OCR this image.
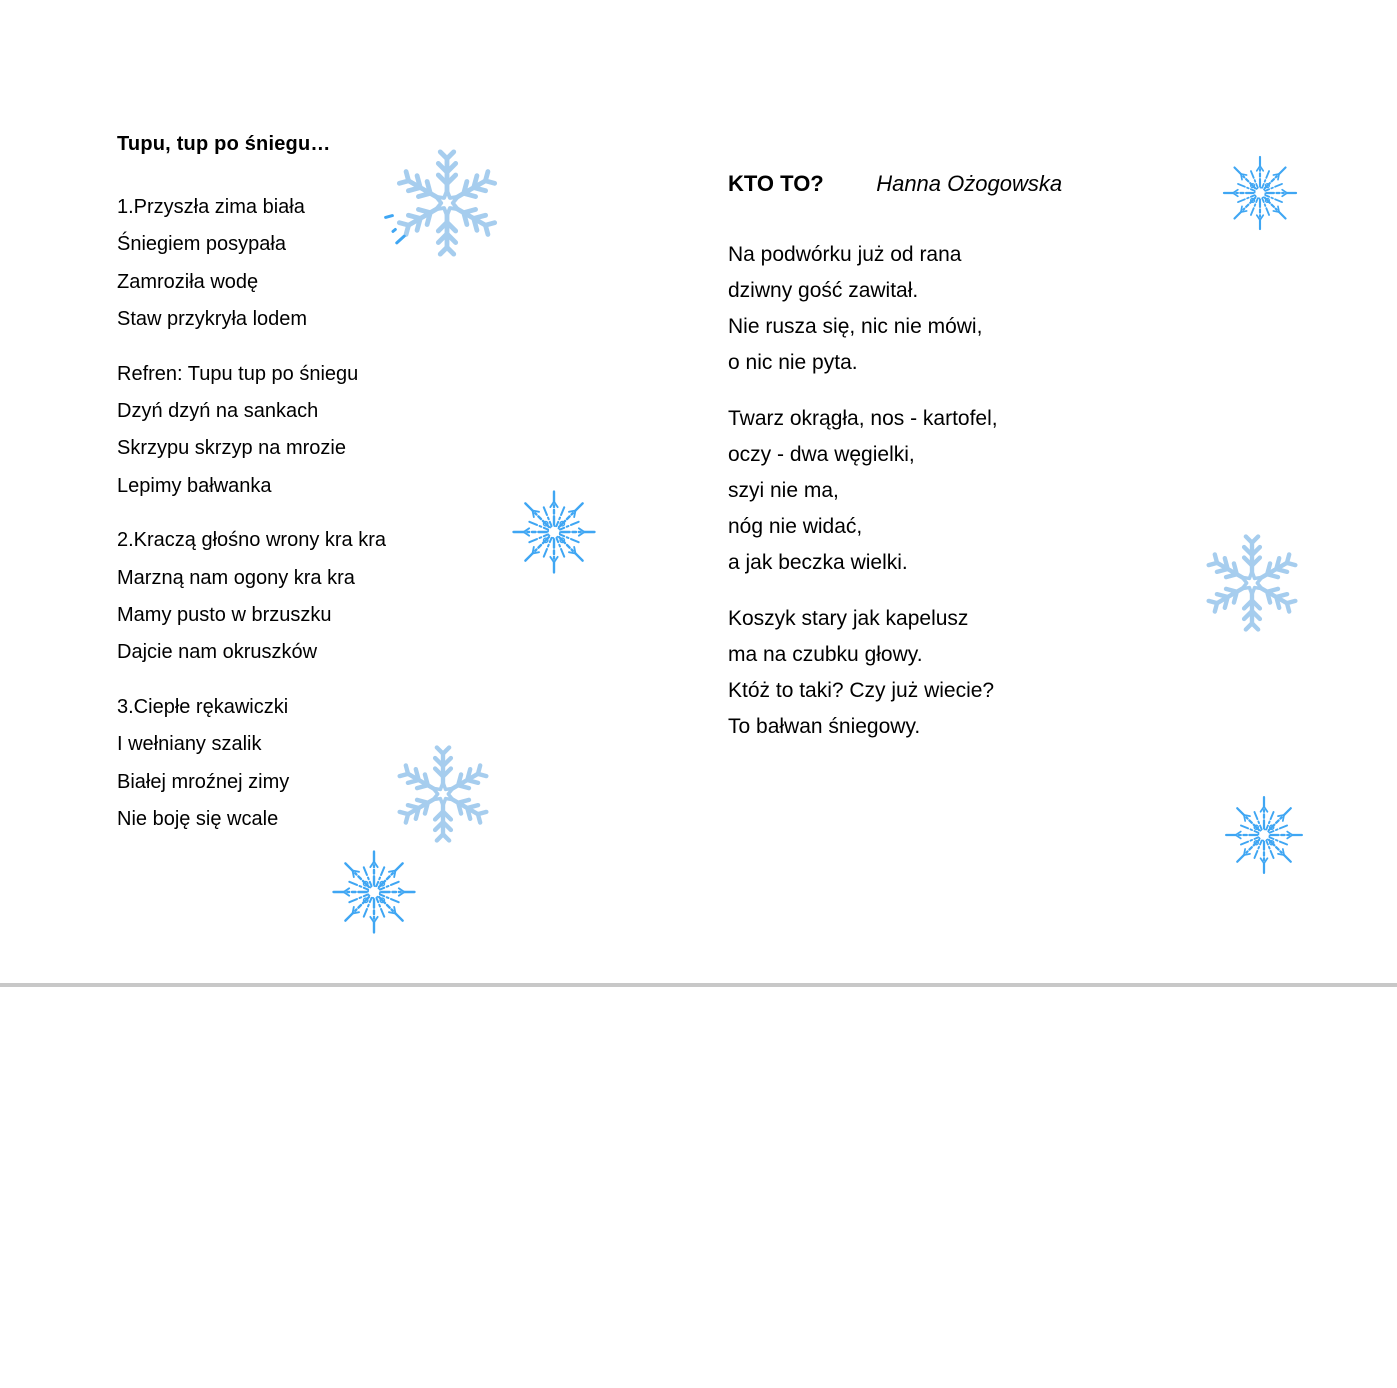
Tupu, tup po śniegu…

1.Przyszła zima biała

Śniegiem posypała

Zamroziła wodę

Staw przykryła lodem

Refren: Tupu tup po śniegu

Dzyń dzyń na sankach

Skrzypu skrzyp na mrozie

Lepimy bałwanka

2.Kraczą głośno wrony kra kra

Marzną nam ogony kra kra

Mamy pusto w brzuszku

Dajcie nam okruszków

3.Ciepłe rękawiczki

I wełniany szalik

Białej mroźnej zimy

Nie boję się wcale

KTO TO? Hanna Ożogowska

Na podwórku już od rana

dziwny gość zawitał.

Nie rusza się, nic nie mówi,

o nic nie pyta.

Twarz okrągła, nos - kartofel,

oczy - dwa węgielki,

szyi nie ma,

nóg nie widać,

a jak beczka wielki.

Koszyk stary jak kapelusz

ma na czubku głowy.

Któż to taki? Czy już wiecie?

To bałwan śniegowy.
